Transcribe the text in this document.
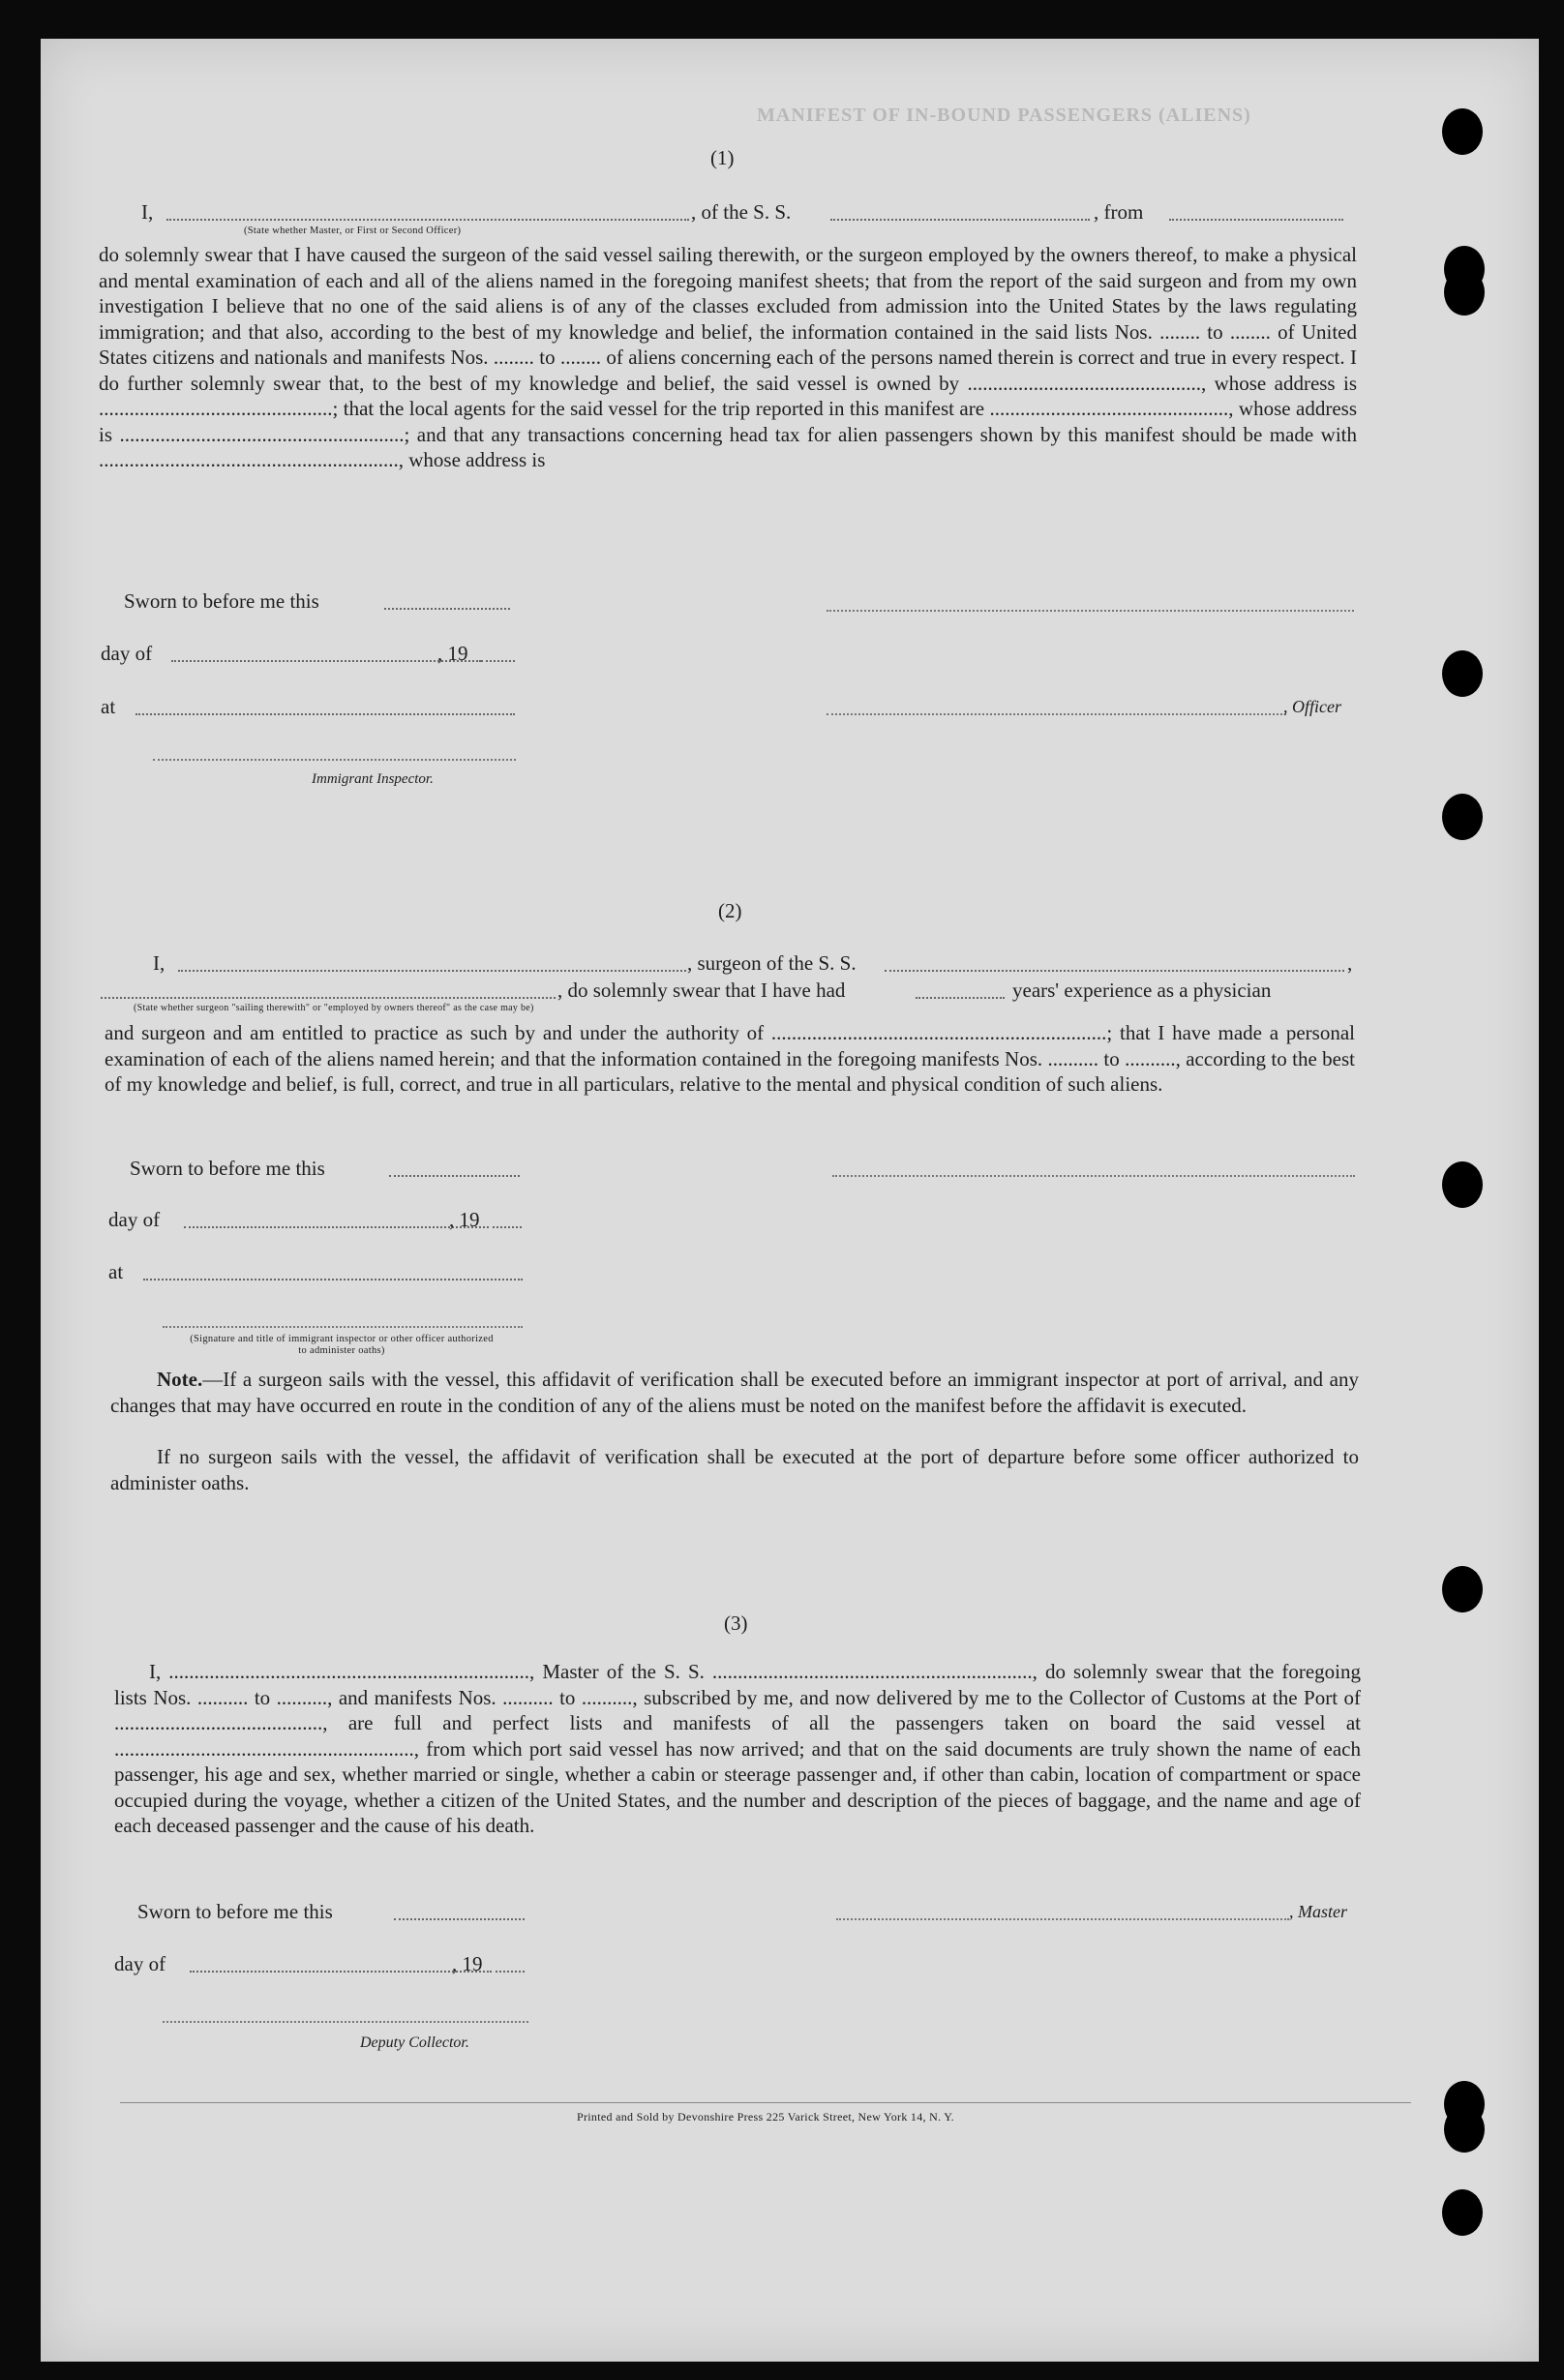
MANIFEST OF IN-BOUND PASSENGERS (ALIENS)
(1)
I,	, of the S. S.	, from
(State whether Master, or First or Second Officer)
do solemnly swear that I have caused the surgeon of the said vessel sailing therewith, or the surgeon employed by the owners thereof, to make a physical and mental examination of each and all of the aliens named in the foregoing manifest sheets; that from the report of the said surgeon and from my own investigation I believe that no one of the said aliens is of any of the classes excluded from admission into the United States by the laws regulating immigration; and that also, according to the best of my knowledge and belief, the information contained in the said lists Nos. ........ to ........ of United States citizens and nationals and manifests Nos. ........ to ........ of aliens concerning each of the persons named therein is correct and true in every respect. I do further solemnly swear that, to the best of my knowledge and belief, the said vessel is owned by .............................................., whose address is ..............................................; that the local agents for the said vessel for the trip reported in this manifest are ..............................................., whose address is ........................................................; and that any transactions concerning head tax for alien passengers shown by this manifest should be made with ..........................................................., whose address is
Sworn to before me this
day of	, 19
at	, Officer
Immigrant Inspector.
(2)
I,	, surgeon of the S. S.	,
, do solemnly swear that I have had	years' experience as a physician
(State whether surgeon "sailing therewith" or "employed by owners thereof" as the case may be)
and surgeon and am entitled to practice as such by and under the authority of ..................................................................; that I have made a personal examination of each of the aliens named herein; and that the information contained in the foregoing manifests Nos. .......... to .........., according to the best of my knowledge and belief, is full, correct, and true in all particulars, relative to the mental and physical condition of such aliens.
Sworn to before me this
day of	, 19
at
(Signature and title of immigrant inspector or other officer authorized to administer oaths)
Note.—If a surgeon sails with the vessel, this affidavit of verification shall be executed before an immigrant inspector at port of arrival, and any changes that may have occurred en route in the condition of any of the aliens must be noted on the manifest before the affidavit is executed.
If no surgeon sails with the vessel, the affidavit of verification shall be executed at the port of departure before some officer authorized to administer oaths.
(3)
I, ......................................................................., Master of the S. S. ..............................................................., do solemnly swear that the foregoing lists Nos. .......... to .........., and manifests Nos. .......... to .........., subscribed by me, and now delivered by me to the Collector of Customs at the Port of ........................................., are full and perfect lists and manifests of all the passengers taken on board the said vessel at ..........................................................., from which port said vessel has now arrived; and that on the said documents are truly shown the name of each passenger, his age and sex, whether married or single, whether a cabin or steerage passenger and, if other than cabin, location of compartment or space occupied during the voyage, whether a citizen of the United States, and the number and description of the pieces of baggage, and the name and age of each deceased passenger and the cause of his death.
Sworn to before me this	, Master
day of	, 19
Deputy Collector.
Printed and Sold by Devonshire Press 225 Varick Street, New York 14, N. Y.
